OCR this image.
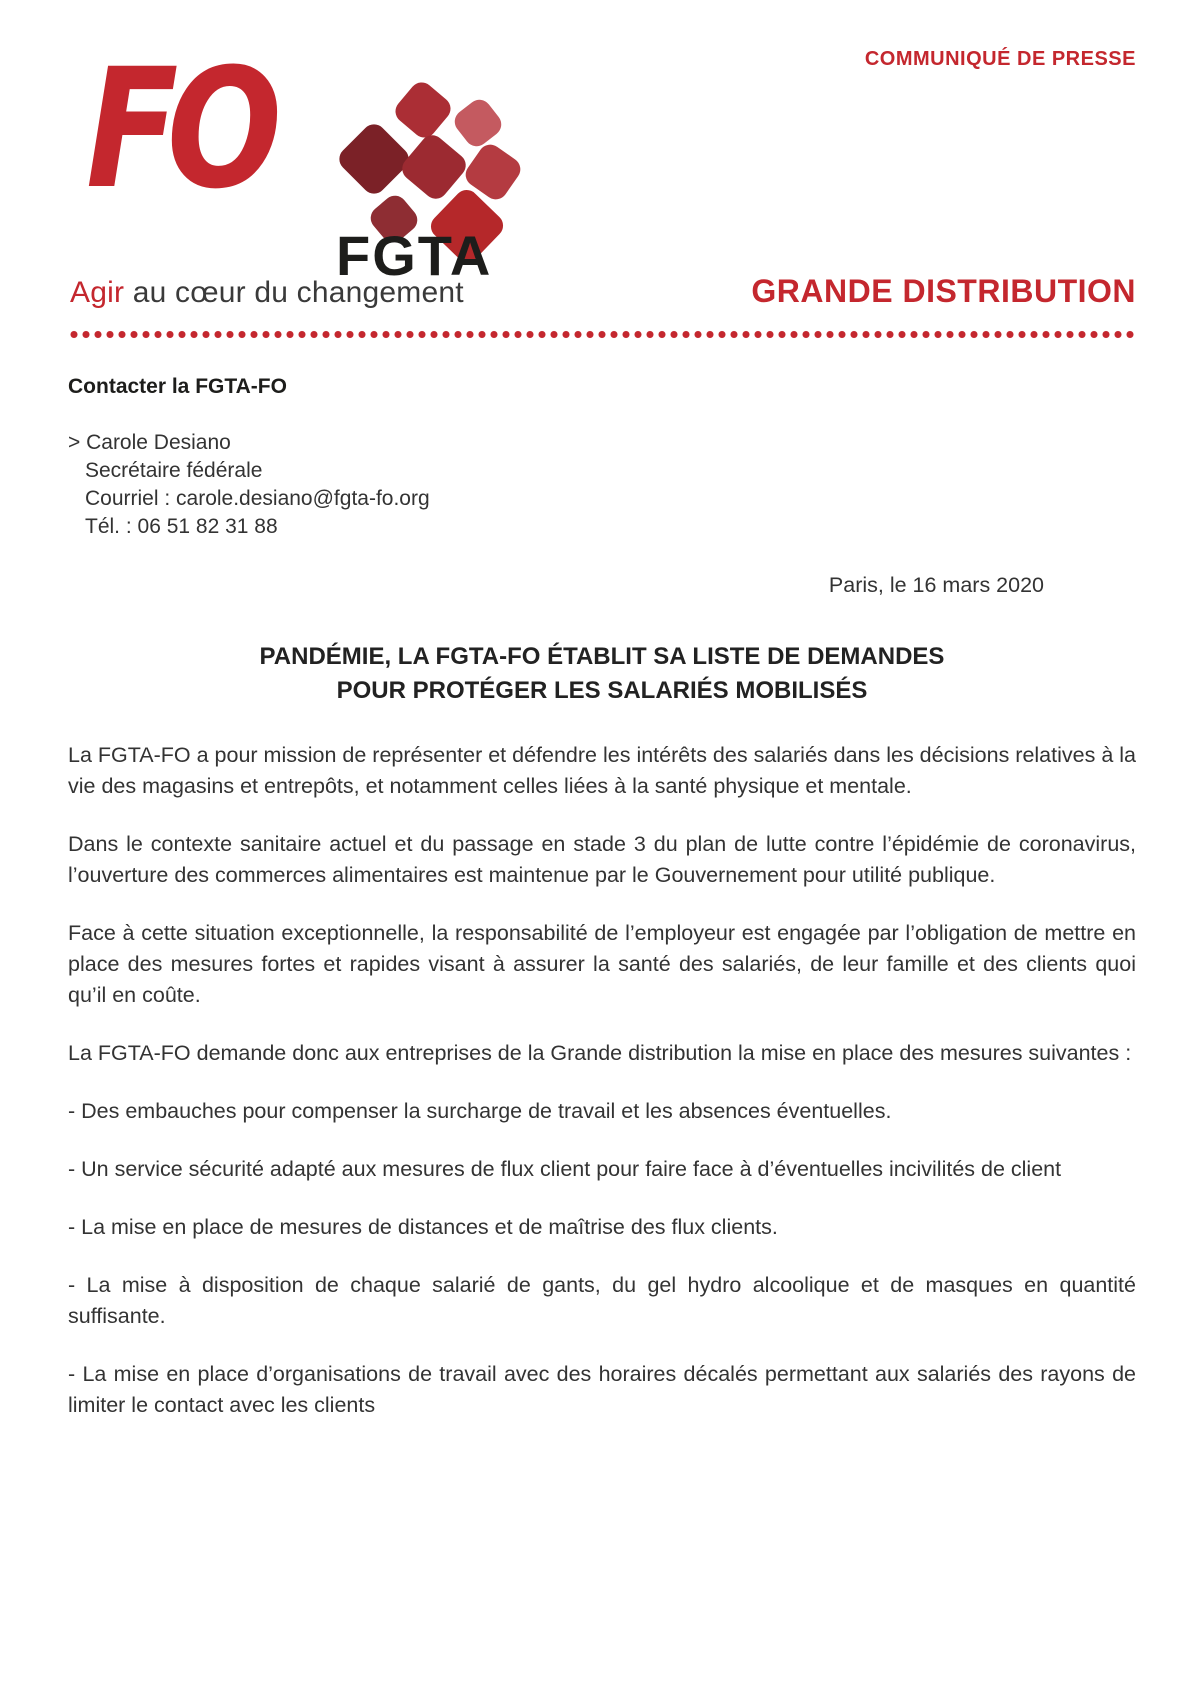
COMMUNIQUÉ DE PRESSE
FO
FGTA
Agir au cœur du changement	GRANDE DISTRIBUTION
Contacter la FGTA-FO
> Carole Desiano
Secrétaire fédérale
Courriel : carole.desiano@fgta-fo.org
Tél. : 06 51 82 31 88
Paris, le 16 mars 2020
PANDÉMIE, LA FGTA-FO ÉTABLIT SA LISTE DE DEMANDES
POUR PROTÉGER LES SALARIÉS MOBILISÉS

La FGTA-FO a pour mission de représenter et défendre les intérêts des salariés dans les décisions relatives à la vie des magasins et entrepôts, et notamment celles liées à la santé physique et mentale.

Dans le contexte sanitaire actuel et du passage en stade 3 du plan de lutte contre l’épidémie de coronavirus, l’ouverture des commerces alimentaires est maintenue par le Gouvernement pour utilité publique.

Face à cette situation exceptionnelle, la responsabilité de l’employeur est engagée par l’obligation de mettre en place des mesures fortes et rapides visant à assurer la santé des salariés, de leur famille et des clients quoi qu’il en coûte.

La FGTA-FO demande donc aux entreprises de la Grande distribution la mise en place des mesures suivantes :

- Des embauches pour compenser la surcharge de travail et les absences éventuelles.

- Un service sécurité adapté aux mesures de flux client pour faire face à d’éventuelles incivilités de client

- La mise en place de mesures de distances et de maîtrise des flux clients.

- La mise à disposition de chaque salarié de gants, du gel hydro alcoolique et de masques en quantité suffisante.

- La mise en place d’organisations de travail avec des horaires décalés permettant aux salariés des rayons de limiter le contact avec les clients
